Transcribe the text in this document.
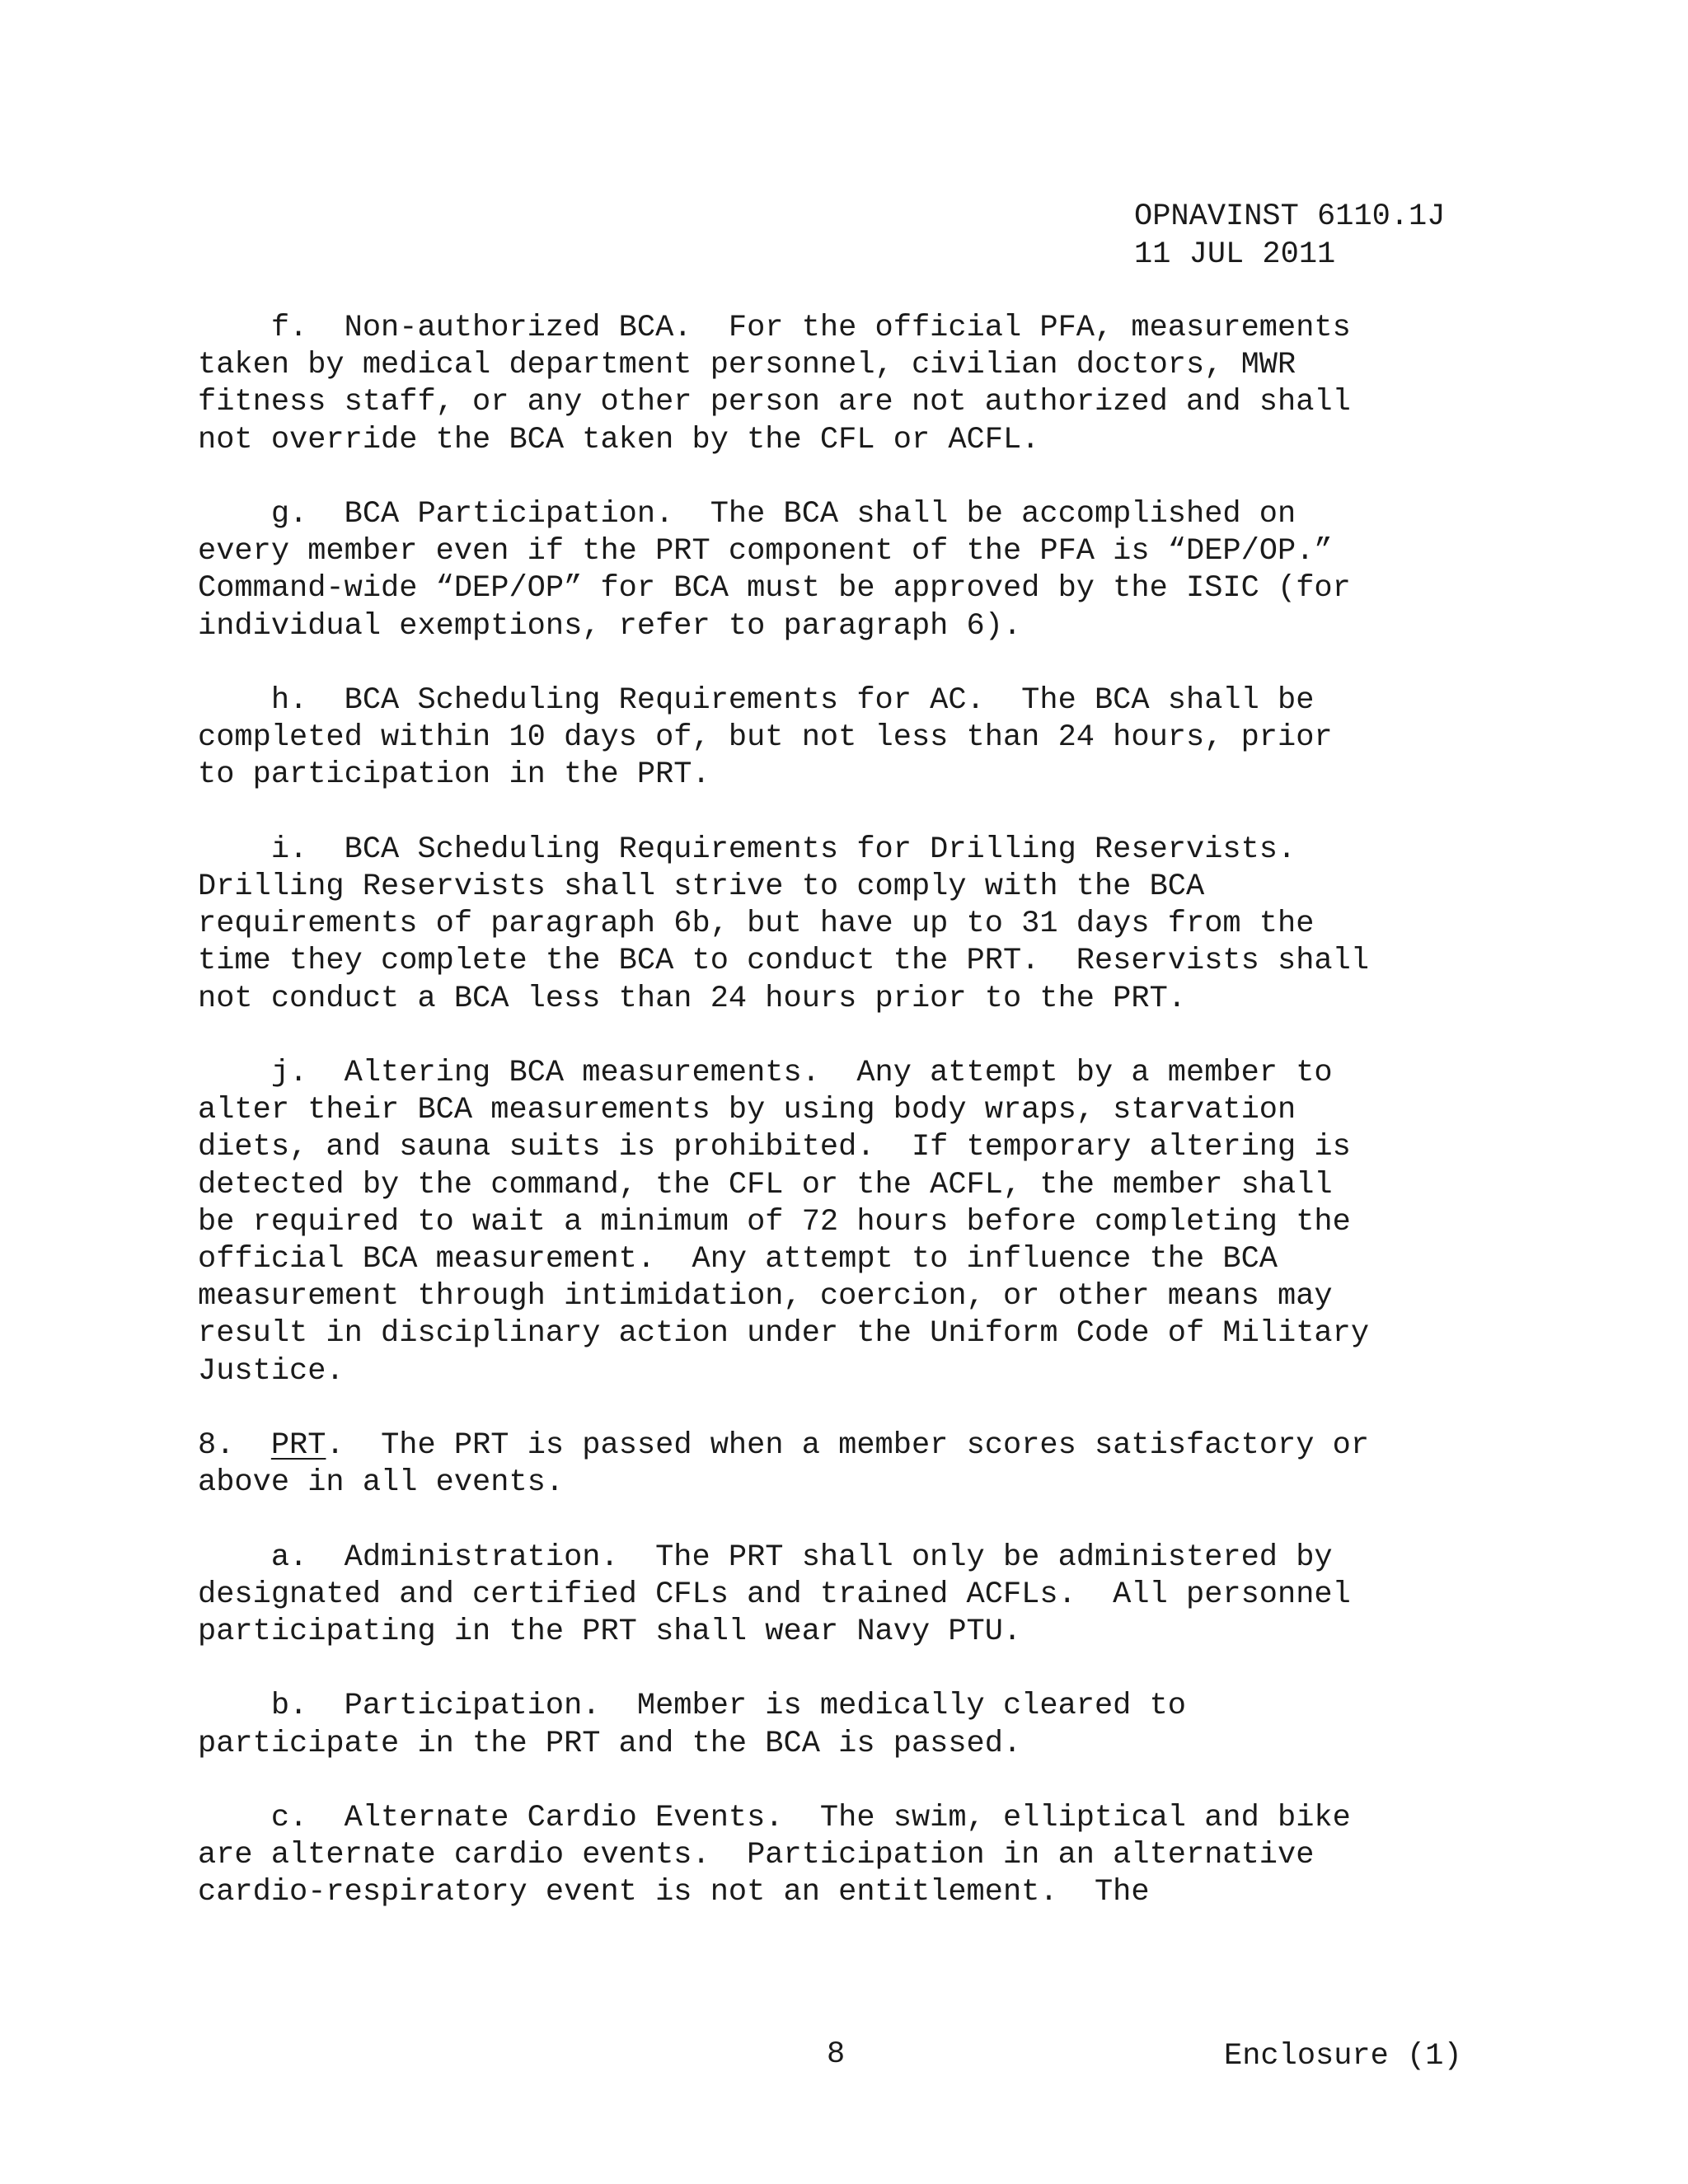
OPNAVINST 6110.1J
11 JUL 2011
f.  Non-authorized BCA.  For the official PFA, measurements
taken by medical department personnel, civilian doctors, MWR
fitness staff, or any other person are not authorized and shall
not override the BCA taken by the CFL or ACFL.
g.  BCA Participation.  The BCA shall be accomplished on
every member even if the PRT component of the PFA is “DEP/OP.”
Command-wide “DEP/OP” for BCA must be approved by the ISIC (for
individual exemptions, refer to paragraph 6).
h.  BCA Scheduling Requirements for AC.  The BCA shall be
completed within 10 days of, but not less than 24 hours, prior
to participation in the PRT.
i.  BCA Scheduling Requirements for Drilling Reservists.
Drilling Reservists shall strive to comply with the BCA
requirements of paragraph 6b, but have up to 31 days from the
time they complete the BCA to conduct the PRT.  Reservists shall
not conduct a BCA less than 24 hours prior to the PRT.
j.  Altering BCA measurements.  Any attempt by a member to
alter their BCA measurements by using body wraps, starvation
diets, and sauna suits is prohibited.  If temporary altering is
detected by the command, the CFL or the ACFL, the member shall
be required to wait a minimum of 72 hours before completing the
official BCA measurement.  Any attempt to influence the BCA
measurement through intimidation, coercion, or other means may
result in disciplinary action under the Uniform Code of Military
Justice.
8.  PRT.  The PRT is passed when a member scores satisfactory or
above in all events.
a.  Administration.  The PRT shall only be administered by
designated and certified CFLs and trained ACFLs.  All personnel
participating in the PRT shall wear Navy PTU.
b.  Participation.  Member is medically cleared to
participate in the PRT and the BCA is passed.
c.  Alternate Cardio Events.  The swim, elliptical and bike
are alternate cardio events.  Participation in an alternative
cardio-respiratory event is not an entitlement.  The
8	Enclosure (1)
